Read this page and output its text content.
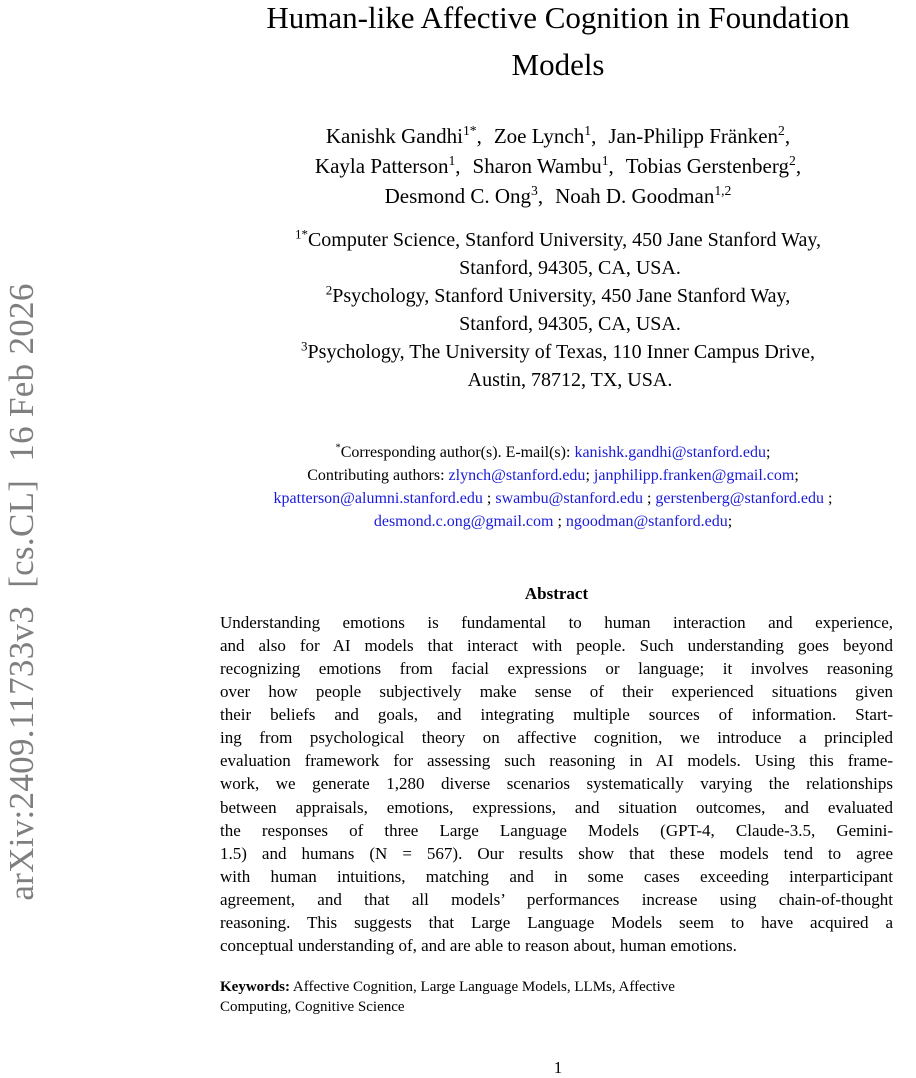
arXiv:2409.11733v3  [cs.CL]  16 Feb 2026
Human-like Affective Cognition in Foundation
Models
Kanishk Gandhi$^{1*}$, Zoe Lynch$^1$, Jan-Philipp Fränken$^2$,
Kayla Patterson$^1$, Sharon Wambu$^1$, Tobias Gerstenberg$^2$,
Desmond C. Ong$^3$, Noah D. Goodman$^{1,2}$
$^{1*}$Computer Science, Stanford University, 450 Jane Stanford Way,
Stanford, 94305, CA, USA.
$^2$Psychology, Stanford University, 450 Jane Stanford Way,
Stanford, 94305, CA, USA.
$^3$Psychology, The University of Texas, 110 Inner Campus Drive,
Austin, 78712, TX, USA.
*Corresponding author(s). E-mail(s): kanishk.gandhi@stanford.edu;
Contributing authors: zlynch@stanford.edu; janphilipp.franken@gmail.com;
kpatterson@alumni.stanford.edu ; swambu@stanford.edu ; gerstenberg@stanford.edu ;
desmond.c.ong@gmail.com ; ngoodman@stanford.edu;
Abstract
Understanding emotions is fundamental to human interaction and experience,
and also for AI models that interact with people. Such understanding goes beyond
recognizing emotions from facial expressions or language; it involves reasoning
over how people subjectively make sense of their experienced situations given
their beliefs and goals, and integrating multiple sources of information. Start-
ing from psychological theory on affective cognition, we introduce a principled
evaluation framework for assessing such reasoning in AI models. Using this frame-
work, we generate 1,280 diverse scenarios systematically varying the relationships
between appraisals, emotions, expressions, and situation outcomes, and evaluated
the responses of three Large Language Models (GPT-4, Claude-3.5, Gemini-
1.5) and humans (N = 567). Our results show that these models tend to agree
with human intuitions, matching and in some cases exceeding interparticipant
agreement, and that all models’ performances increase using chain-of-thought
reasoning. This suggests that Large Language Models seem to have acquired a
conceptual understanding of, and are able to reason about, human emotions.
Keywords: Affective Cognition, Large Language Models, LLMs, Affective
Computing, Cognitive Science
1
